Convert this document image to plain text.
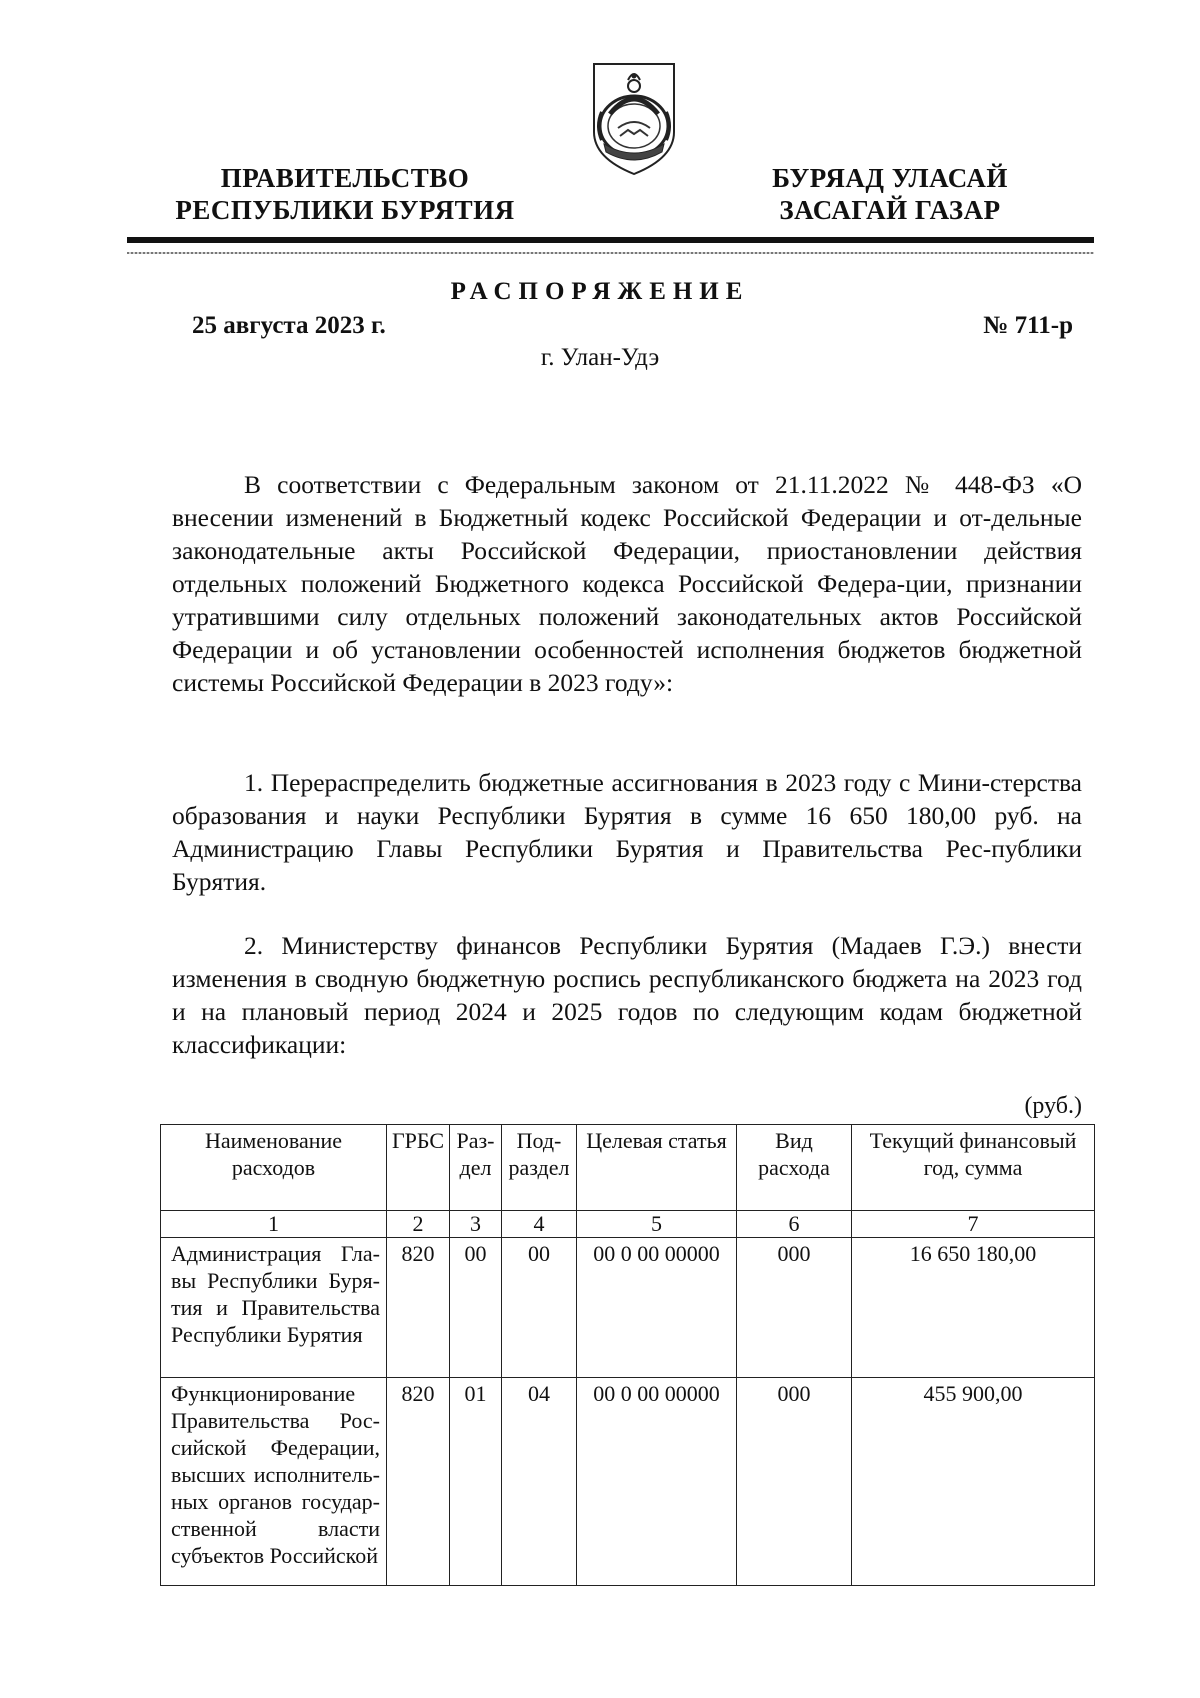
ПРАВИТЕЛЬСТВО
РЕСПУБЛИКИ БУРЯТИЯ
БУРЯАД УЛАСАЙ
ЗАСАГАЙ ГАЗАР
РАСПОРЯЖЕНИЕ
25 августа 2023 г.	№ 711-р
г. Улан-Удэ

В соответствии с Федеральным законом от 21.11.2022 № 448-ФЗ «О внесении изменений в Бюджетный кодекс Российской Федерации и от-дельные законодательные акты Российской Федерации, приостановлении действия отдельных положений Бюджетного кодекса Российской Федера-ции, признании утратившими силу отдельных положений законодательных актов Российской Федерации и об установлении особенностей исполнения бюджетов бюджетной системы Российской Федерации в 2023 году»:

1. Перераспределить бюджетные ассигнования в 2023 году с Мини-стерства образования и науки Республики Бурятия в сумме 16 650 180,00 руб. на Администрацию Главы Республики Бурятия и Правительства Рес-публики Бурятия.

2. Министерству финансов Республики Бурятия (Мадаев Г.Э.) внести изменения в сводную бюджетную роспись республиканского бюджета на 2023 год и на плановый период 2024 и 2025 годов по следующим кодам бюджетной классификации:

(руб.)
Наименование расходов	ГРБС	Раз-дел	Под-раздел	Целевая статья	Вид расхода	Текущий финансовый год, сумма
1	2	3	4	5	6	7
Администрация Гла-вы Республики Буря-тия и Правительства Республики Бурятия	820	00	00	00 0 00 00000	000	16 650 180,00
Функционирование Правительства Рос-сийской Федерации, высших исполнитель-ных органов государ-ственной власти субъектов Российской	820	01	04	00 0 00 00000	000	455 900,00
